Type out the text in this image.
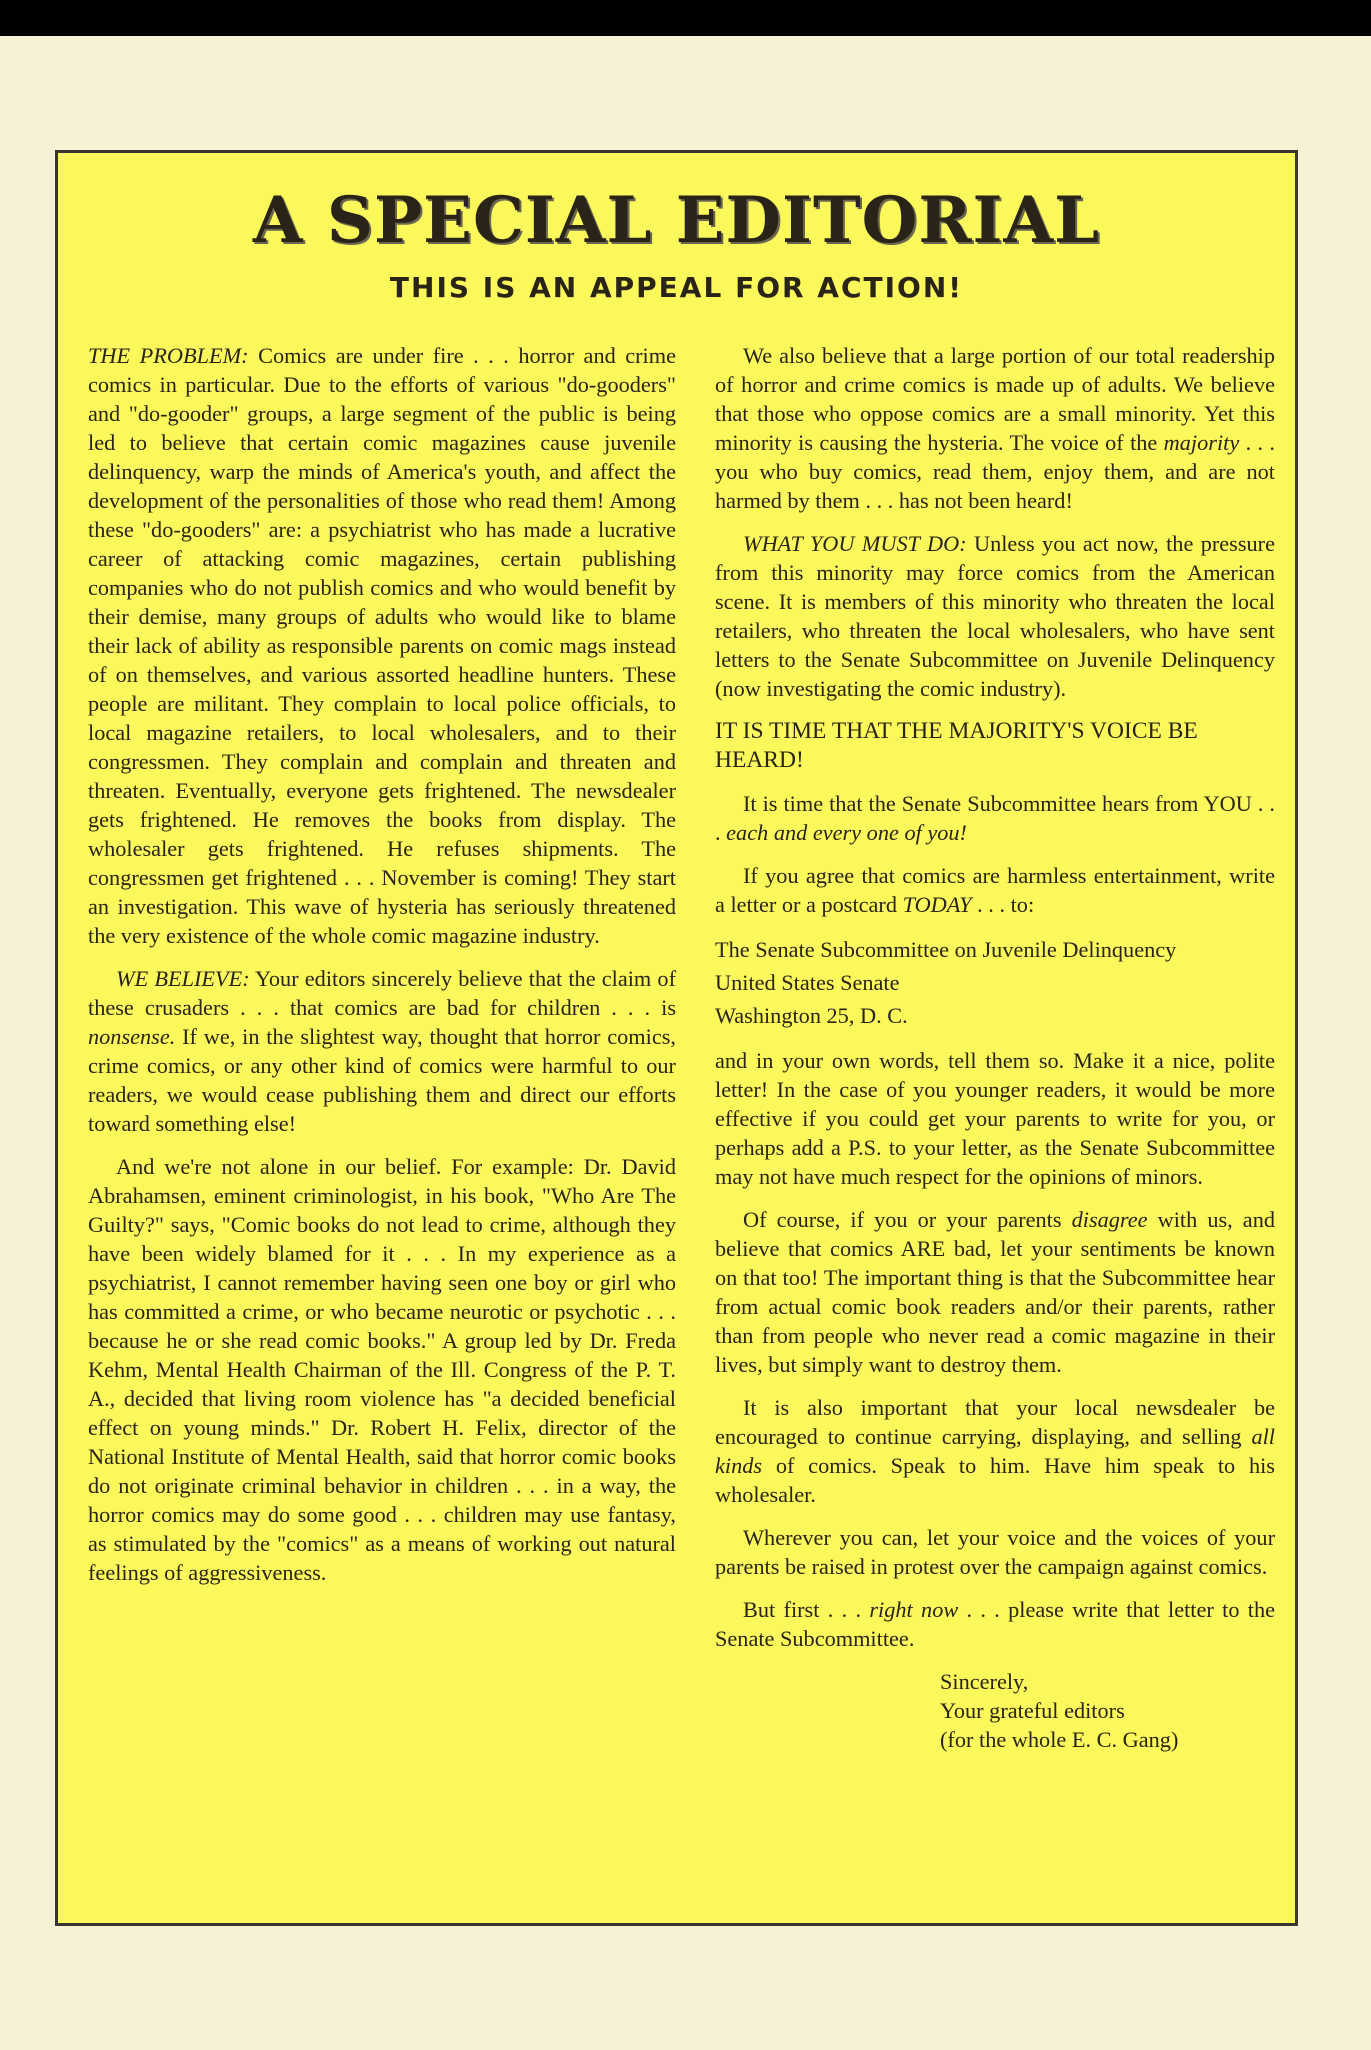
A SPECIAL EDITORIAL
THIS IS AN APPEAL FOR ACTION!

THE PROBLEM: Comics are under fire . . . horror and crime comics in particular. Due to the efforts of various "do-gooders" and "do-gooder" groups, a large segment of the public is being led to believe that certain comic magazines cause juvenile delinquency, warp the minds of America's youth, and affect the development of the personalities of those who read them! Among these "do-gooders" are: a psychiatrist who has made a lucrative career of attacking comic magazines, certain publishing companies who do not publish comics and who would benefit by their demise, many groups of adults who would like to blame their lack of ability as responsible parents on comic mags instead of on themselves, and various assorted headline hunters. These people are militant. They complain to local police officials, to local magazine retailers, to local wholesalers, and to their congressmen. They complain and complain and threaten and threaten. Eventually, everyone gets frightened. The newsdealer gets frightened. He removes the books from display. The wholesaler gets frightened. He refuses shipments. The congressmen get frightened . . . November is coming! They start an investigation. This wave of hysteria has seriously threatened the very existence of the whole comic magazine industry.

WE BELIEVE: Your editors sincerely believe that the claim of these crusaders . . . that comics are bad for children . . . is nonsense. If we, in the slightest way, thought that horror comics, crime comics, or any other kind of comics were harmful to our readers, we would cease publishing them and direct our efforts toward something else!

And we're not alone in our belief. For example: Dr. David Abrahamsen, eminent criminologist, in his book, "Who Are The Guilty?" says, "Comic books do not lead to crime, although they have been widely blamed for it . . . In my experience as a psychiatrist, I cannot remember having seen one boy or girl who has committed a crime, or who became neurotic or psychotic . . . because he or she read comic books." A group led by Dr. Freda Kehm, Mental Health Chairman of the Ill. Congress of the P. T. A., decided that living room violence has "a decided beneficial effect on young minds." Dr. Robert H. Felix, director of the National Institute of Mental Health, said that horror comic books do not originate criminal behavior in children . . . in a way, the horror comics may do some good . . . children may use fantasy, as stimulated by the "comics" as a means of working out natural feelings of aggressiveness.

We also believe that a large portion of our total readership of horror and crime comics is made up of adults. We believe that those who oppose comics are a small minority. Yet this minority is causing the hysteria. The voice of the majority . . . you who buy comics, read them, enjoy them, and are not harmed by them . . . has not been heard!

WHAT YOU MUST DO: Unless you act now, the pressure from this minority may force comics from the American scene. It is members of this minority who threaten the local retailers, who threaten the local wholesalers, who have sent letters to the Senate Subcommittee on Juvenile Delinquency (now investigating the comic industry).

IT IS TIME THAT THE MAJORITY'S VOICE BE HEARD!

It is time that the Senate Subcommittee hears from YOU . . . each and every one of you!

If you agree that comics are harmless entertainment, write a letter or a postcard TODAY . . . to:

The Senate Subcommittee on Juvenile Delinquency

United States Senate

Washington 25, D. C.

and in your own words, tell them so. Make it a nice, polite letter! In the case of you younger readers, it would be more effective if you could get your parents to write for you, or perhaps add a P.S. to your letter, as the Senate Subcommittee may not have much respect for the opinions of minors.

Of course, if you or your parents disagree with us, and believe that comics ARE bad, let your sentiments be known on that too! The important thing is that the Subcommittee hear from actual comic book readers and/or their parents, rather than from people who never read a comic magazine in their lives, but simply want to destroy them.

It is also important that your local newsdealer be encouraged to continue carrying, displaying, and selling all kinds of comics. Speak to him. Have him speak to his wholesaler.

Wherever you can, let your voice and the voices of your parents be raised in protest over the campaign against comics.

But first . . . right now . . . please write that letter to the Senate Subcommittee.

Sincerely,
Your grateful editors
(for the whole E. C. Gang)
